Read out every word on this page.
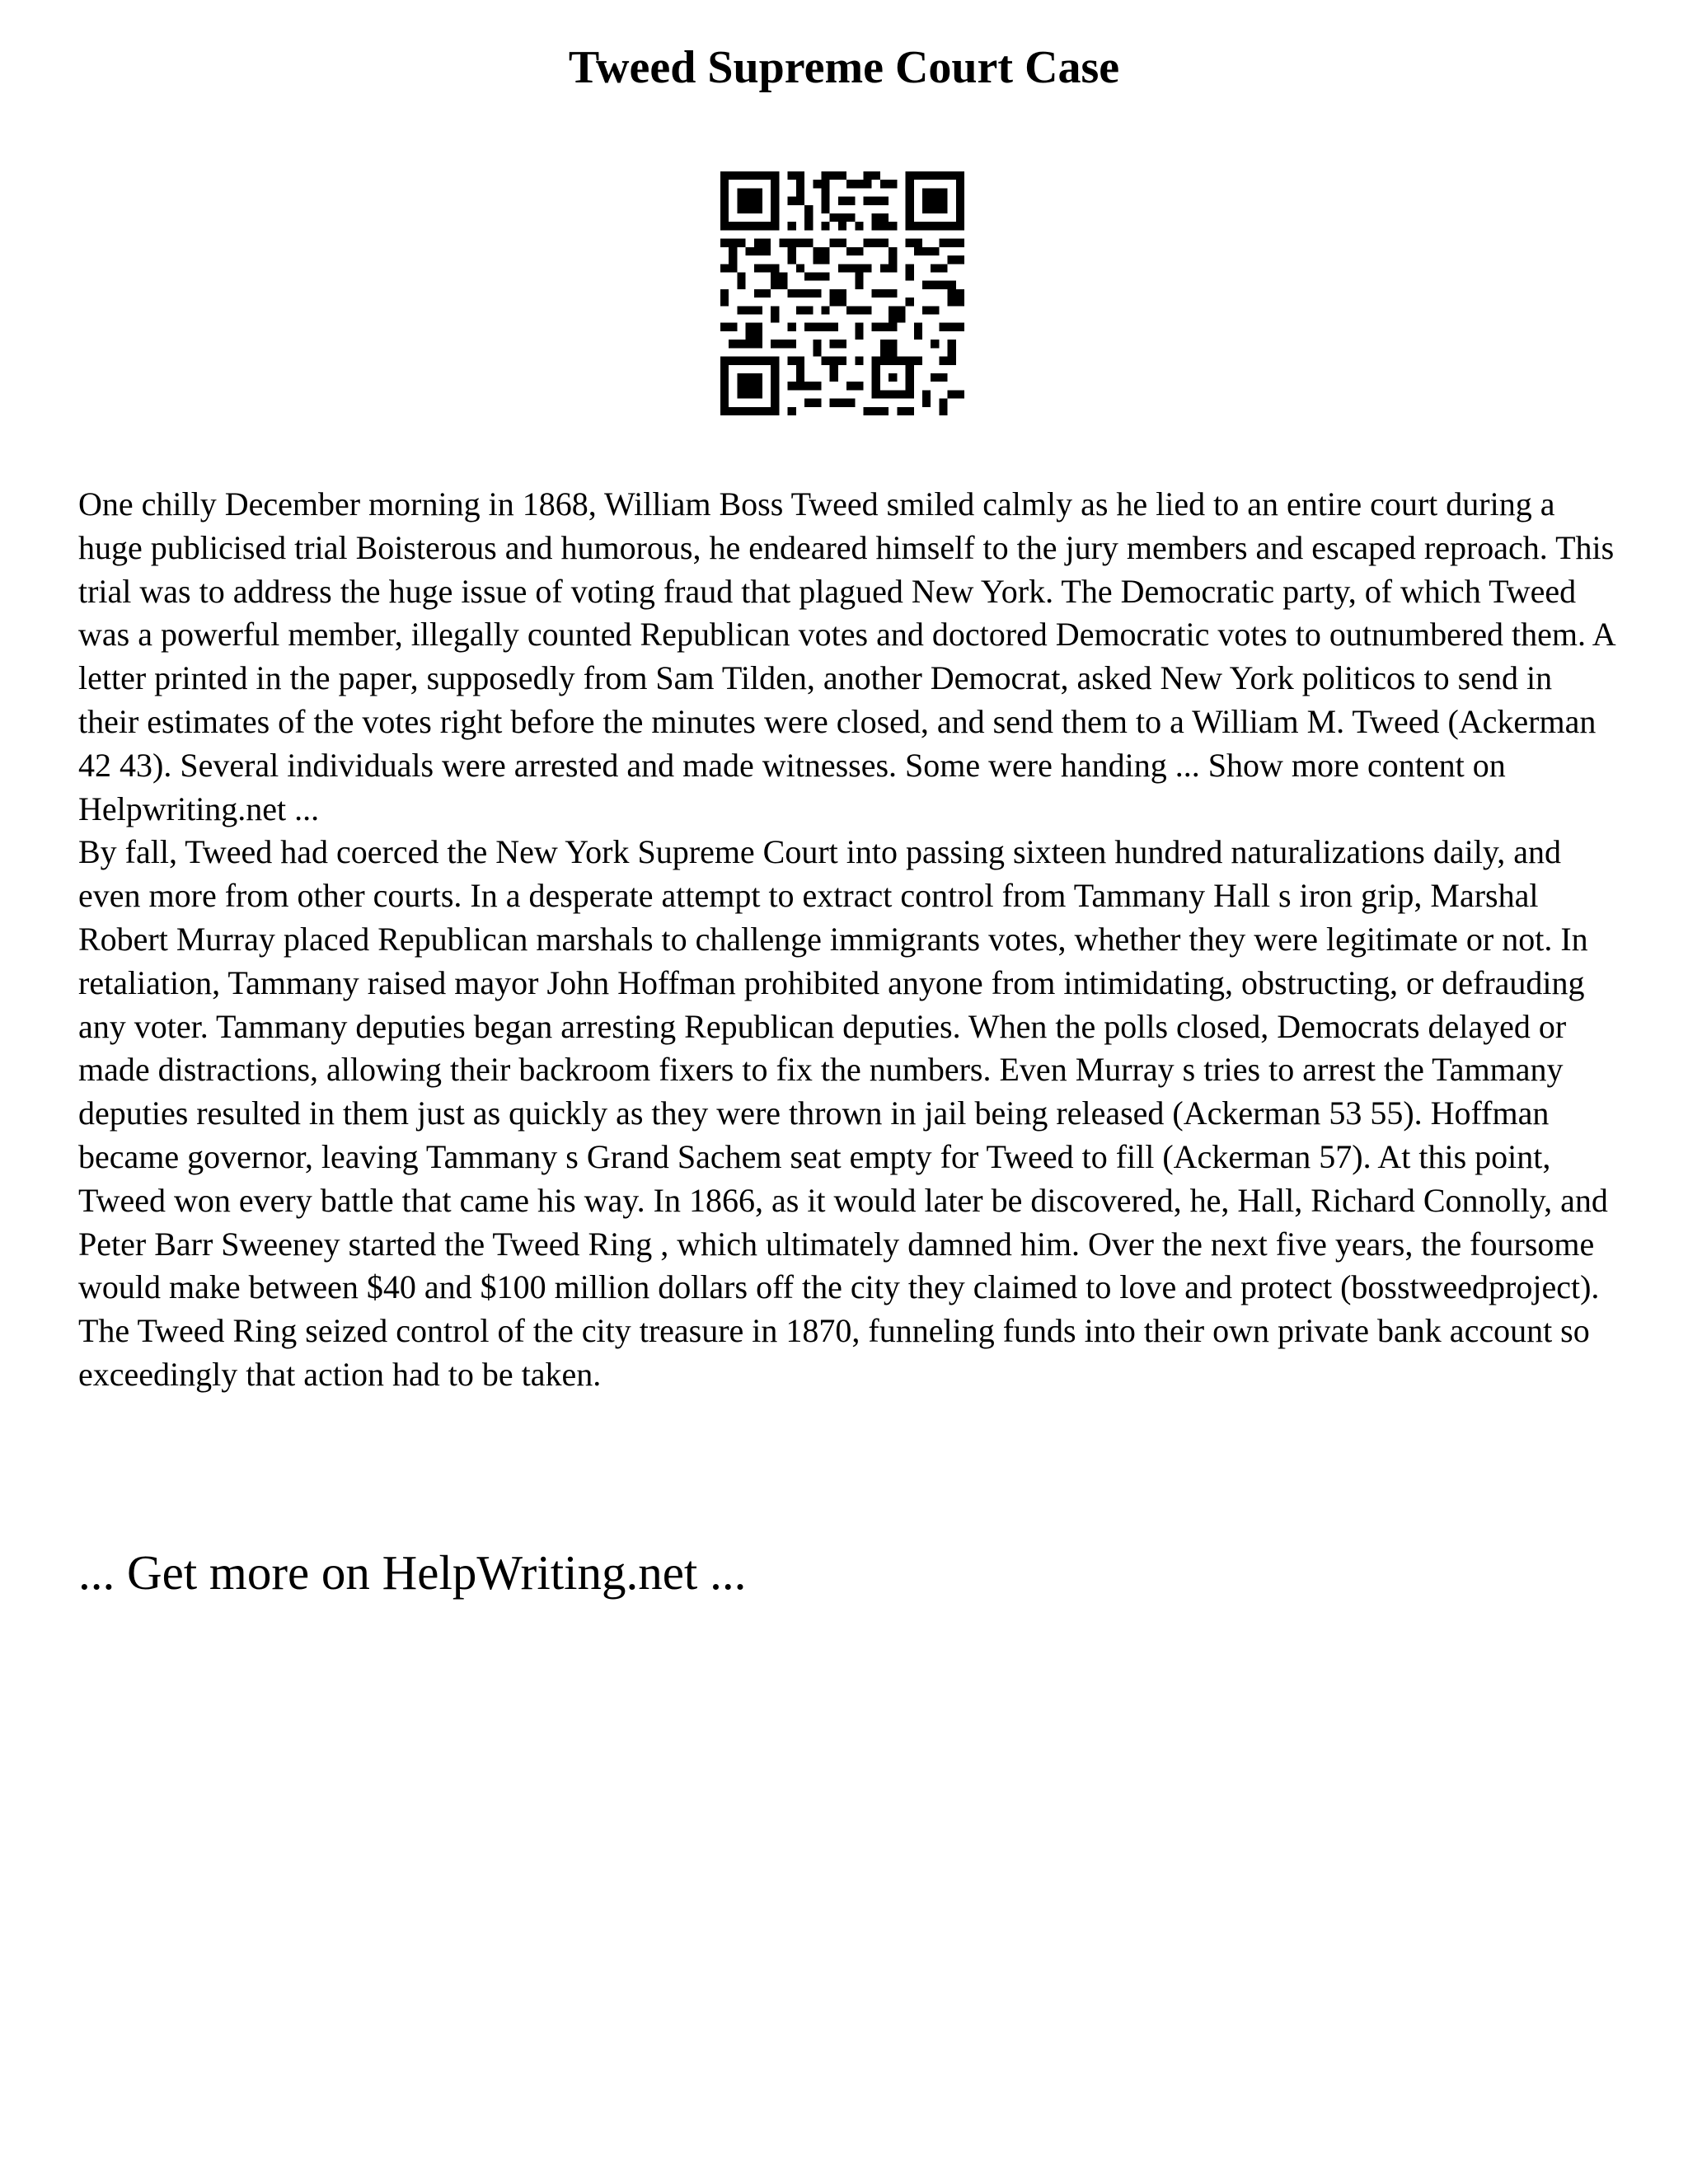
Tweed Supreme Court Case

One chilly December morning in 1868, William Boss Tweed smiled calmly as he lied to an entire court during a huge publicised trial Boisterous and humorous, he endeared himself to the jury members and escaped reproach. This trial was to address the huge issue of voting fraud that plagued New York. The Democratic party, of which Tweed was a powerful member, illegally counted Republican votes and doctored Democratic votes to outnumbered them. A letter printed in the paper, supposedly from Sam Tilden, another Democrat, asked New York politicos to send in their estimates of the votes right before the minutes were closed, and send them to a William M. Tweed (Ackerman 42 43). Several individuals were arrested and made witnesses. Some were handing ... Show more content on Helpwriting.net ...

By fall, Tweed had coerced the New York Supreme Court into passing sixteen hundred naturalizations daily, and even more from other courts. In a desperate attempt to extract control from Tammany Hall s iron grip, Marshal Robert Murray placed Republican marshals to challenge immigrants votes, whether they were legitimate or not. In retaliation, Tammany raised mayor John Hoffman prohibited anyone from intimidating, obstructing, or defrauding any voter. Tammany deputies began arresting Republican deputies. When the polls closed, Democrats delayed or made distractions, allowing their backroom fixers to fix the numbers. Even Murray s tries to arrest the Tammany deputies resulted in them just as quickly as they were thrown in jail being released (Ackerman 53 55). Hoffman became governor, leaving Tammany s Grand Sachem seat empty for Tweed to fill (Ackerman 57). At this point, Tweed won every battle that came his way. In 1866, as it would later be discovered, he, Hall, Richard Connolly, and Peter Barr Sweeney started the Tweed Ring , which ultimately damned him. Over the next five years, the foursome would make between $40 and $100 million dollars off the city they claimed to love and protect (bosstweedproject). The Tweed Ring seized control of the city treasure in 1870, funneling funds into their own private bank account so exceedingly that action had to be taken.

... Get more on HelpWriting.net ...
